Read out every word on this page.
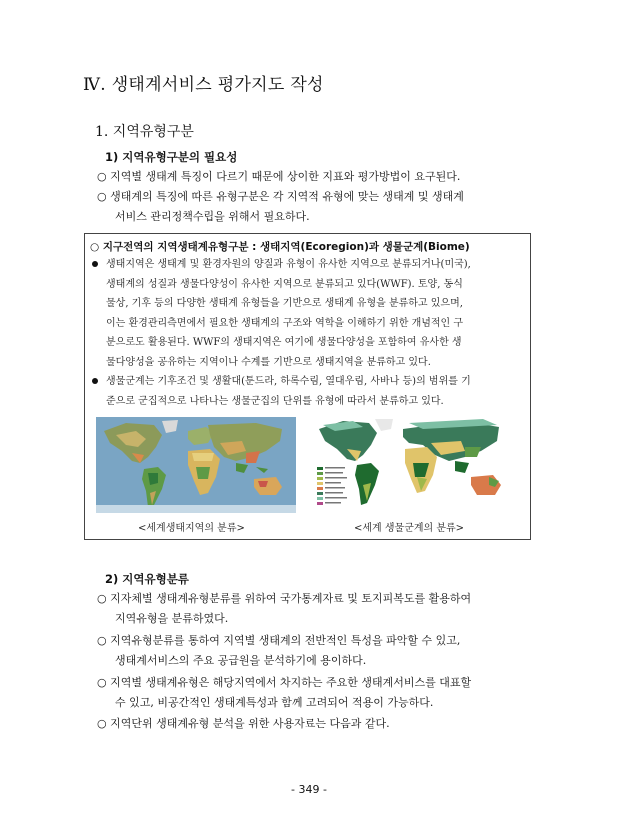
Ⅳ. 생태계서비스 평가지도 작성
1. 지역유형구분
1) 지역유형구분의 필요성
○ 지역별 생태계 특징이 다르기 때문에 상이한 지표와 평가방법이 요구된다.
○ 생태계의 특징에 따른 유형구분은 각 지역적 유형에 맞는 생태계 및 생태계
서비스 관리정책수립을 위해서 필요하다.
○ 지구전역의 지역생태계유형구분 : 생태지역(Ecoregion)과 생물군계(Biome)
생태지역은 생태계 및 환경자원의 양질과 유형이 유사한 지역으로 분류되거나(미국),
생태계의 성질과 생물다양성이 유사한 지역으로 분류되고 있다(WWF). 토양, 동식
물상, 기후 등의 다양한 생태계 유형들을 기반으로 생태계 유형을 분류하고 있으며,
이는 환경관리측면에서 필요한 생태계의 구조와 역학을 이해하기 위한 개념적인 구
분으로도 활용된다. WWF의 생태지역은 여기에 생물다양성을 포함하여 유사한 생
물다양성을 공유하는 지역이나 수계를 기반으로 생태지역을 분류하고 있다.
생물군계는 기후조건 및 생활대(툰드라, 하록수림, 열대우림, 사바나 등)의 범위를 기
준으로 군집적으로 나타나는 생물군집의 단위를 유형에 따라서 분류하고 있다.
<세계생태지역의 분류>	<세계 생물군계의 분류>
2) 지역유형분류
○ 지자체별 생태계유형분류를 위하여 국가통계자료 및 토지피복도를 활용하여
지역유형을 분류하였다.
○ 지역유형분류를 통하여 지역별 생태계의 전반적인 특성을 파악할 수 있고,
생태계서비스의 주요 공급원을 분석하기에 용이하다.
○ 지역별 생태계유형은 해당지역에서 차지하는 주요한 생태계서비스를 대표할
수 있고, 비공간적인 생태계특성과 함께 고려되어 적용이 가능하다.
○ 지역단위 생태계유형 분석을 위한 사용자료는 다음과 같다.
- 349 -
